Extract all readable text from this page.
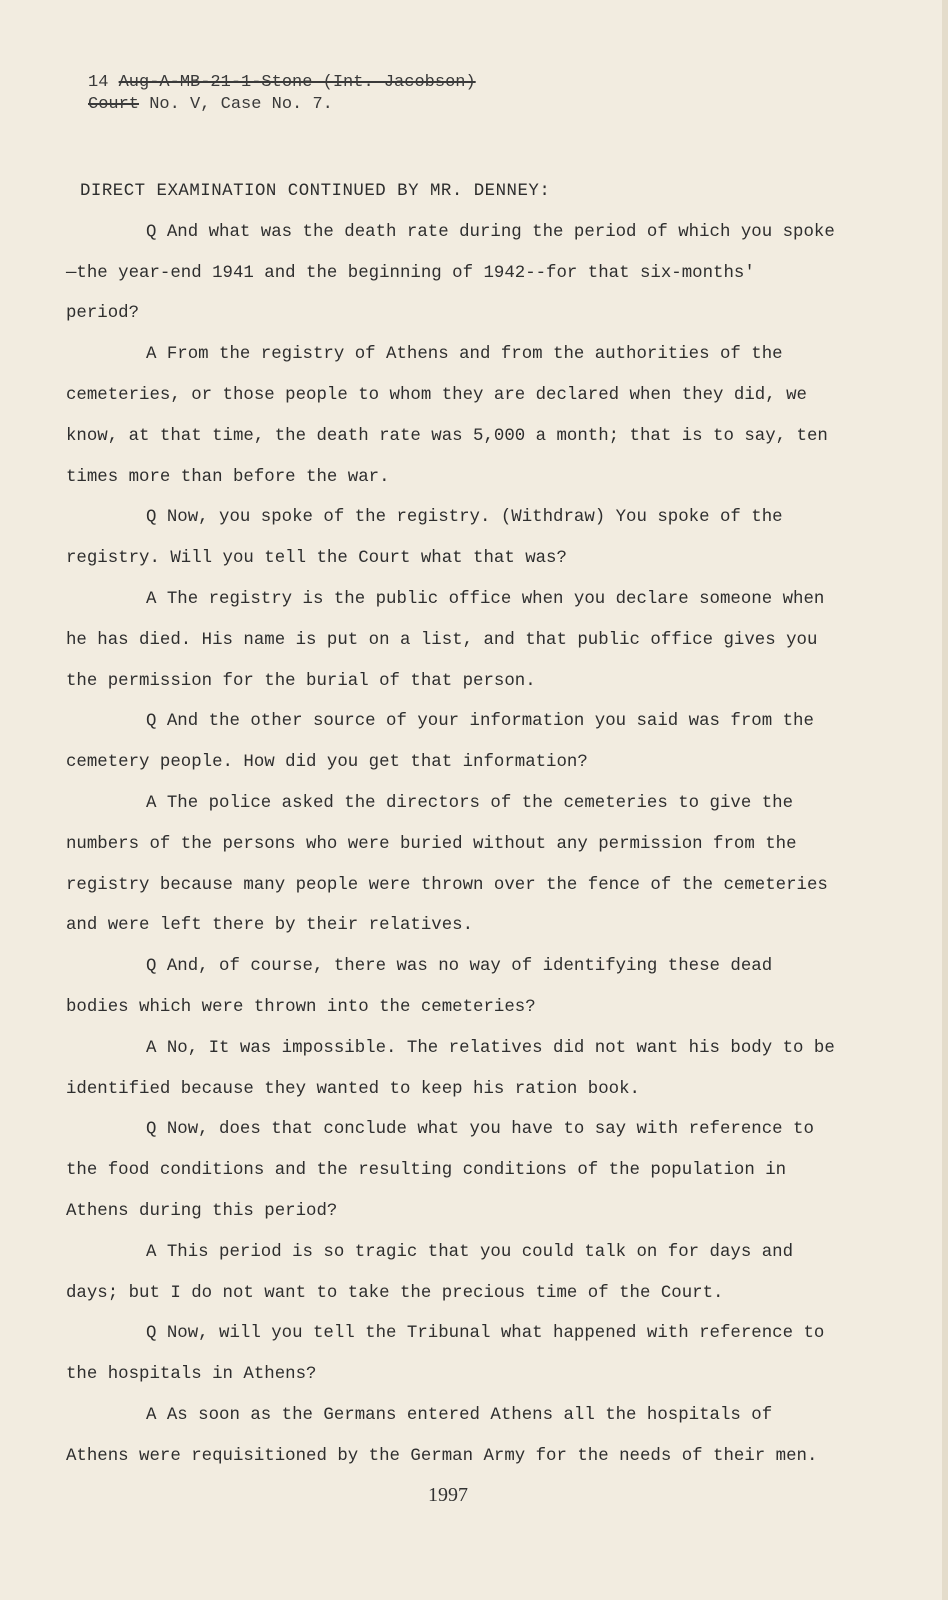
14 Aug-A-MB-21-1-Stone (Int. Jacobson)
Court No. V, Case No. 7.

DIRECT EXAMINATION CONTINUED BY MR. DENNEY:

Q And what was the death rate during the period of which you spoke—the year-end 1941 and the beginning of 1942--for that six-months' period?

A From the registry of Athens and from the authorities of the cemeteries, or those people to whom they are declared when they did, we know, at that time, the death rate was 5,000 a month; that is to say, ten times more than before the war.

Q Now, you spoke of the registry. (Withdraw) You spoke of the registry. Will you tell the Court what that was?

A The registry is the public office when you declare someone when he has died. His name is put on a list, and that public office gives you the permission for the burial of that person.

Q And the other source of your information you said was from the cemetery people. How did you get that information?

A The police asked the directors of the cemeteries to give the numbers of the persons who were buried without any permission from the registry because many people were thrown over the fence of the cemeteries and were left there by their relatives.

Q And, of course, there was no way of identifying these dead bodies which were thrown into the cemeteries?

A No, It was impossible. The relatives did not want his body to be identified because they wanted to keep his ration book.

Q Now, does that conclude what you have to say with reference to the food conditions and the resulting conditions of the population in Athens during this period?

A This period is so tragic that you could talk on for days and days; but I do not want to take the precious time of the Court.

Q Now, will you tell the Tribunal what happened with reference to the hospitals in Athens?

A As soon as the Germans entered Athens all the hospitals of Athens were requisitioned by the German Army for the needs of their men.

1997
